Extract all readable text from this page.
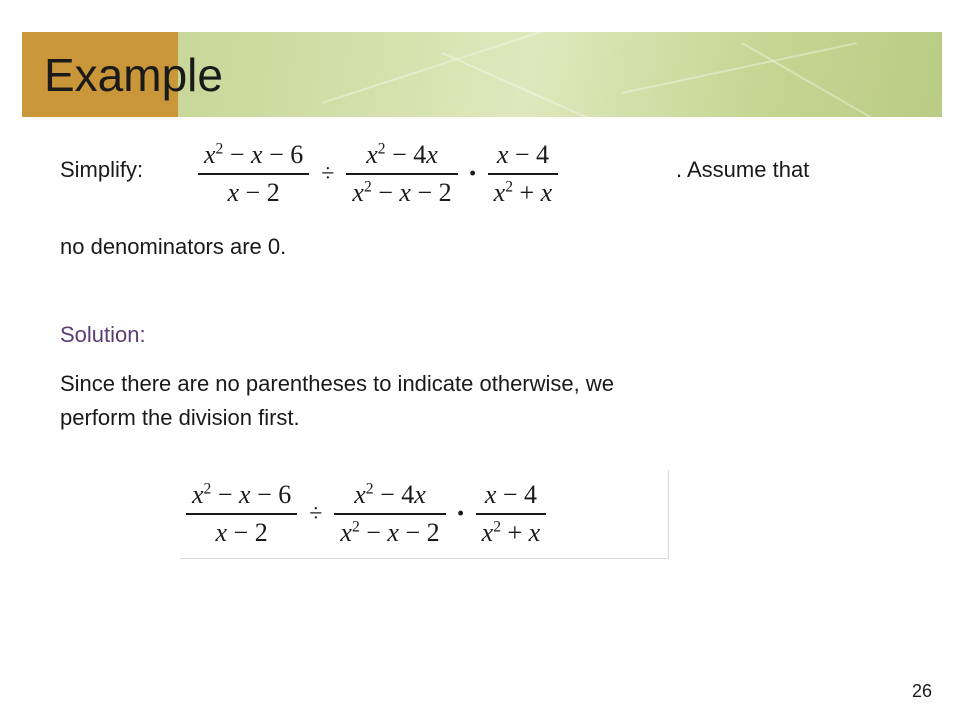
Example
Simplify: $\frac{x^2 - x - 6}{x - 2} \div \frac{x^2 - 4x}{x^2 - x - 2} \cdot \frac{x - 4}{x^2 + x}$	. Assume that
no denominators are 0.
Solution:
Since there are no parentheses to indicate otherwise, we
perform the division first.
$\frac{x^2 - x - 6}{x - 2} \div \frac{x^2 - 4x}{x^2 - x - 2} \cdot \frac{x - 4}{x^2 + x}$
26
